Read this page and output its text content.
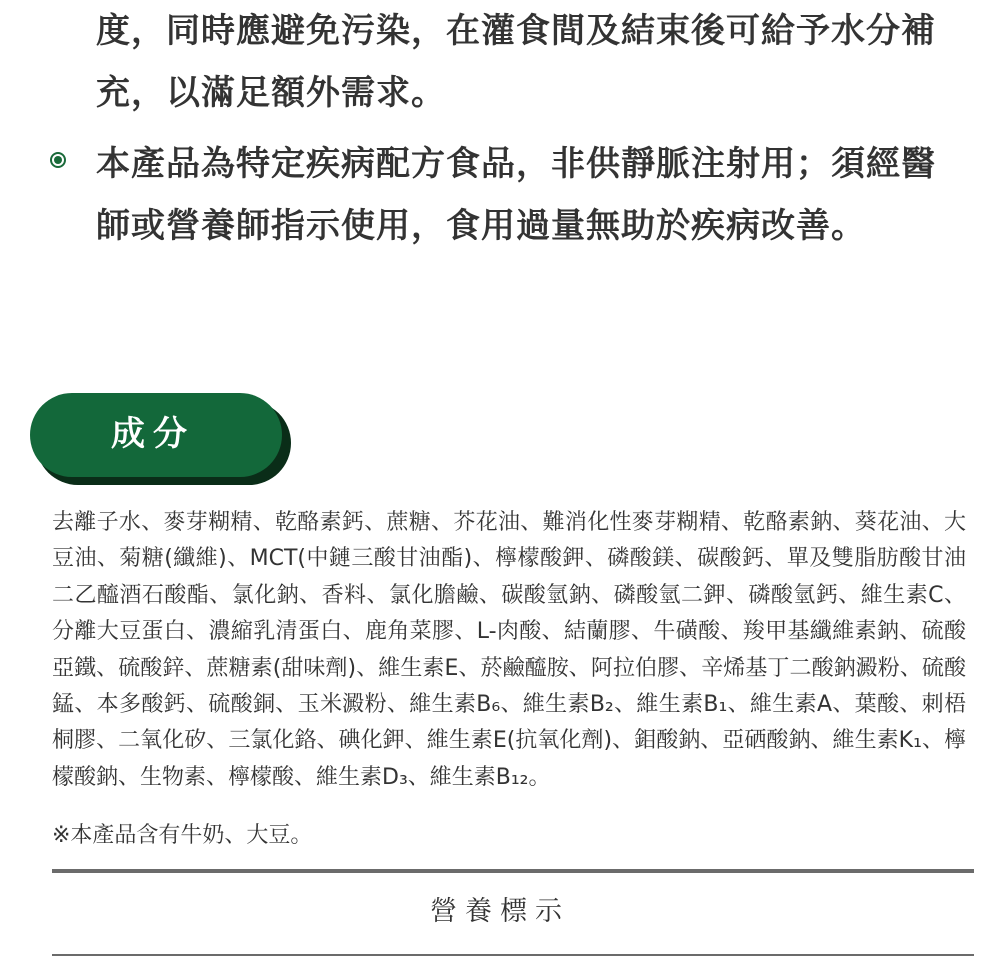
度，同時應避免污染，在灌食間及結束後可給予水分補充，以滿足額外需求。

本產品為特定疾病配方食品，非供靜脈注射用；須經醫師或營養師指示使用，食用過量無助於疾病改善。

成分

去離子水、麥芽糊精、乾酪素鈣、蔗糖、芥花油、難消化性麥芽糊精、乾酪素鈉、葵花油、大豆油、菊糖(纖維)、MCT(中鏈三酸甘油酯)、檸檬酸鉀、磷酸鎂、碳酸鈣、單及雙脂肪酸甘油二乙醯酒石酸酯、氯化鈉、香料、氯化膽鹼、碳酸氫鈉、磷酸氫二鉀、磷酸氫鈣、維生素C、分離大豆蛋白、濃縮乳清蛋白、鹿角菜膠、L-肉酸、結蘭膠、牛磺酸、羧甲基纖維素鈉、硫酸亞鐵、硫酸鋅、蔗糖素(甜味劑)、維生素E、菸鹼醯胺、阿拉伯膠、辛烯基丁二酸鈉澱粉、硫酸錳、本多酸鈣、硫酸銅、玉米澱粉、維生素B₆、維生素B₂、維生素B₁、維生素A、葉酸、刺梧桐膠、二氧化矽、三氯化鉻、碘化鉀、維生素E(抗氧化劑)、鉬酸鈉、亞硒酸鈉、維生素K₁、檸檬酸鈉、生物素、檸檬酸、維生素D₃、維生素B₁₂。

※本產品含有牛奶、大豆。

營養標示
